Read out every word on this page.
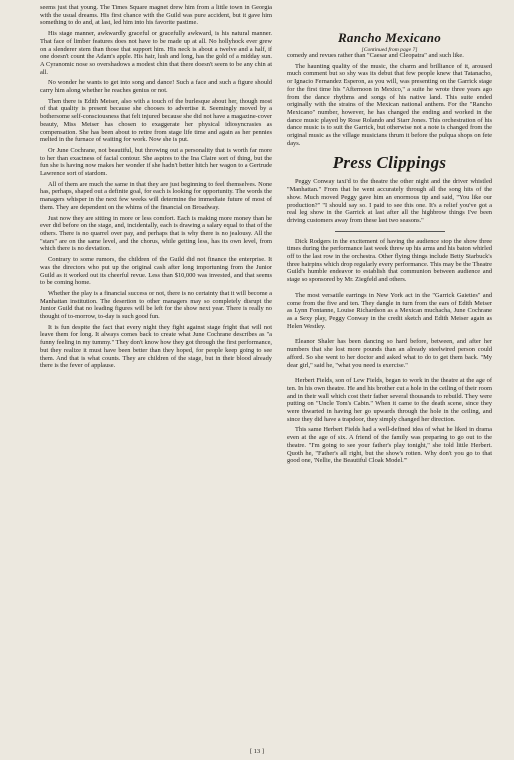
seems just that young. The Times Square magnet drew him from a little town in Georgia with the usual dreams. His first chance with the Guild was pure accident, but it gave him something to do and, at last, led him into his favorite pastime.

His stage manner, awkwardly graceful or gracefully awkward, is his natural manner. That face of limber features does not have to be made up at all. No hollyhock ever grew on a slenderer stem than those that support him. His neck is about a twelve and a half, if one doesn't count the Adam's apple. His hair, lush and long, has the gold of a midday sun. A Cyranomic nose so overshadows a modest chin that there doesn't seem to be any chin at all.

No wonder he wants to get into song and dance! Such a face and such a figure should carry him along whether he reaches genius or not.

Then there is Edith Meiser, also with a touch of the burlesque about her, though most of that quality is present because she chooses to advertise it. Seemingly moved by a bothersome self-consciousness that felt injured because she did not have a magazine-cover beauty, Miss Meiser has chosen to exaggerate her physical idiosyncrasies as compensation. She has been about to retire from stage life time and again as her pennies melted in the furnace of waiting for work. Now she is put.

Or June Cochrane, not beautiful, but throwing out a personality that is worth far more to her than exactness of facial contour. She aspires to the Ina Claire sort of thing, but the fun she is having now makes her wonder if she hadn't better hitch her wagon to a Gertrude Lawrence sort of stardom.

All of them are much the same in that they are just beginning to feel themselves. None has, perhaps, shaped out a definite goal, for each is looking for opportunity. The words the managers whisper in the next few weeks will determine the immediate future of most of them. They are dependent on the whims of the financial on Broadway.

Just now they are sitting in more or less comfort. Each is making more money than he ever did before on the stage, and, incidentally, each is drawing a salary equal to that of the others. There is no quarrel over pay, and perhaps that is why there is no jealousy. All the "stars" are on the same level, and the chorus, while getting less, has its own level, from which there is no deviation.

Contrary to some rumors, the children of the Guild did not finance the enterprise. It was the directors who put up the original cash after long importuning from the Junior Guild as it worked out its cheerful revue. Less than $10,000 was invested, and that seems to be coming home.

Whether the play is a financial success or not, there is no certainty that it will become a Manhattan institution. The desertion to other managers may so completely disrupt the Junior Guild that no leading figures will be left for the show next year. There is really no thought of to-morrow, to-day is such good fun.

It is fun despite the fact that every night they fight against stage fright that will not leave them for long. It always comes back to create what June Cochrane describes as "a funny feeling in my tummy." They don't know how they got through the first performance, but they realize it must have been better than they hoped, for people keep going to see them. And that is what counts. They are children of the stage, but in their blood already there is the fever of applause.

Rancho Mexicano
[Continued from page 7]

comedy and revues rather than "Caesar and Cleopatra" and such like.

The haunting quality of the music, the charm and brilliance of it, aroused much comment but so shy was its debut that few people knew that Tatanacho, or Ignacio Fernandez Esperon, as you will, was presenting on the Garrick stage for the first time his "Afternoon in Mexico," a suite he wrote three years ago from the dance rhythms and songs of his native land. This suite ended originally with the strains of the Mexican national anthem. For the "Rancho Mexicano" number, however, he has changed the ending and worked in the dance music played by Rose Rolando and Starr Jones. This orchestration of his dance music is to suit the Garrick, but otherwise not a note is changed from the original music as the village musicians thrum it before the pulqua shops on fete days.

Press Clippings

Peggy Conway taxi'd to the theatre the other night and the driver whistled "Manhattan." From that he went accurately through all the song hits of the show. Much moved Peggy gave him an enormous tip and said, "You like our production?" "I should say so. I paid to see this one. It's a relief you've got a real leg show in the Garrick at last after all the highbrow things I've been driving customers away from these last two seasons."

Dick Rodgers in the excitement of having the audience stop the show three times during the performance last week threw up his arms and his baton whirled off to the last row in the orchestra. Other flying things include Betty Starbuck's three hairpins which drop regularly every performance. This may be the Theatre Guild's humble endeavor to establish that communion between audience and stage so sponsored by Mr. Ziegfeld and others.

The most versatile earrings in New York act in the "Garrick Gaieties" and come from the five and ten. They dangle in turn from the ears of Edith Meiser as Lynn Fontanne, Louise Richardson as a Mexican muchacha, June Cochrane as a Sexy play, Peggy Conway in the credit sketch and Edith Meiser again as Helen Westley.

Eleanor Shaler has been dancing so hard before, between, and after her numbers that she lost more pounds than an already steelwired person could afford. So she went to her doctor and asked what to do to get them back. "My dear girl," said he, "what you need is exercise."

Herbert Fields, son of Lew Fields, began to work in the theatre at the age of ten. In his own theatre. He and his brother cut a hole in the ceiling of their room and in their wall which cost their father several thousands to rebuild. They were putting on "Uncle Tom's Cabin." When it came to the death scene, since they were thwarted in having her go upwards through the hole in the ceiling, and since they did have a trapdoor, they simply changed her direction.

This same Herbert Fields had a well-defined idea of what he liked in drama even at the age of six. A friend of the family was preparing to go out to the theatre. "I'm going to see your father's play tonight," she told little Herbert. Quoth he, "Father's all right, but the show's rotten. Why don't you go to that good one, 'Nellie, the Beautiful Cloak Model.'"

[ 13 ]
